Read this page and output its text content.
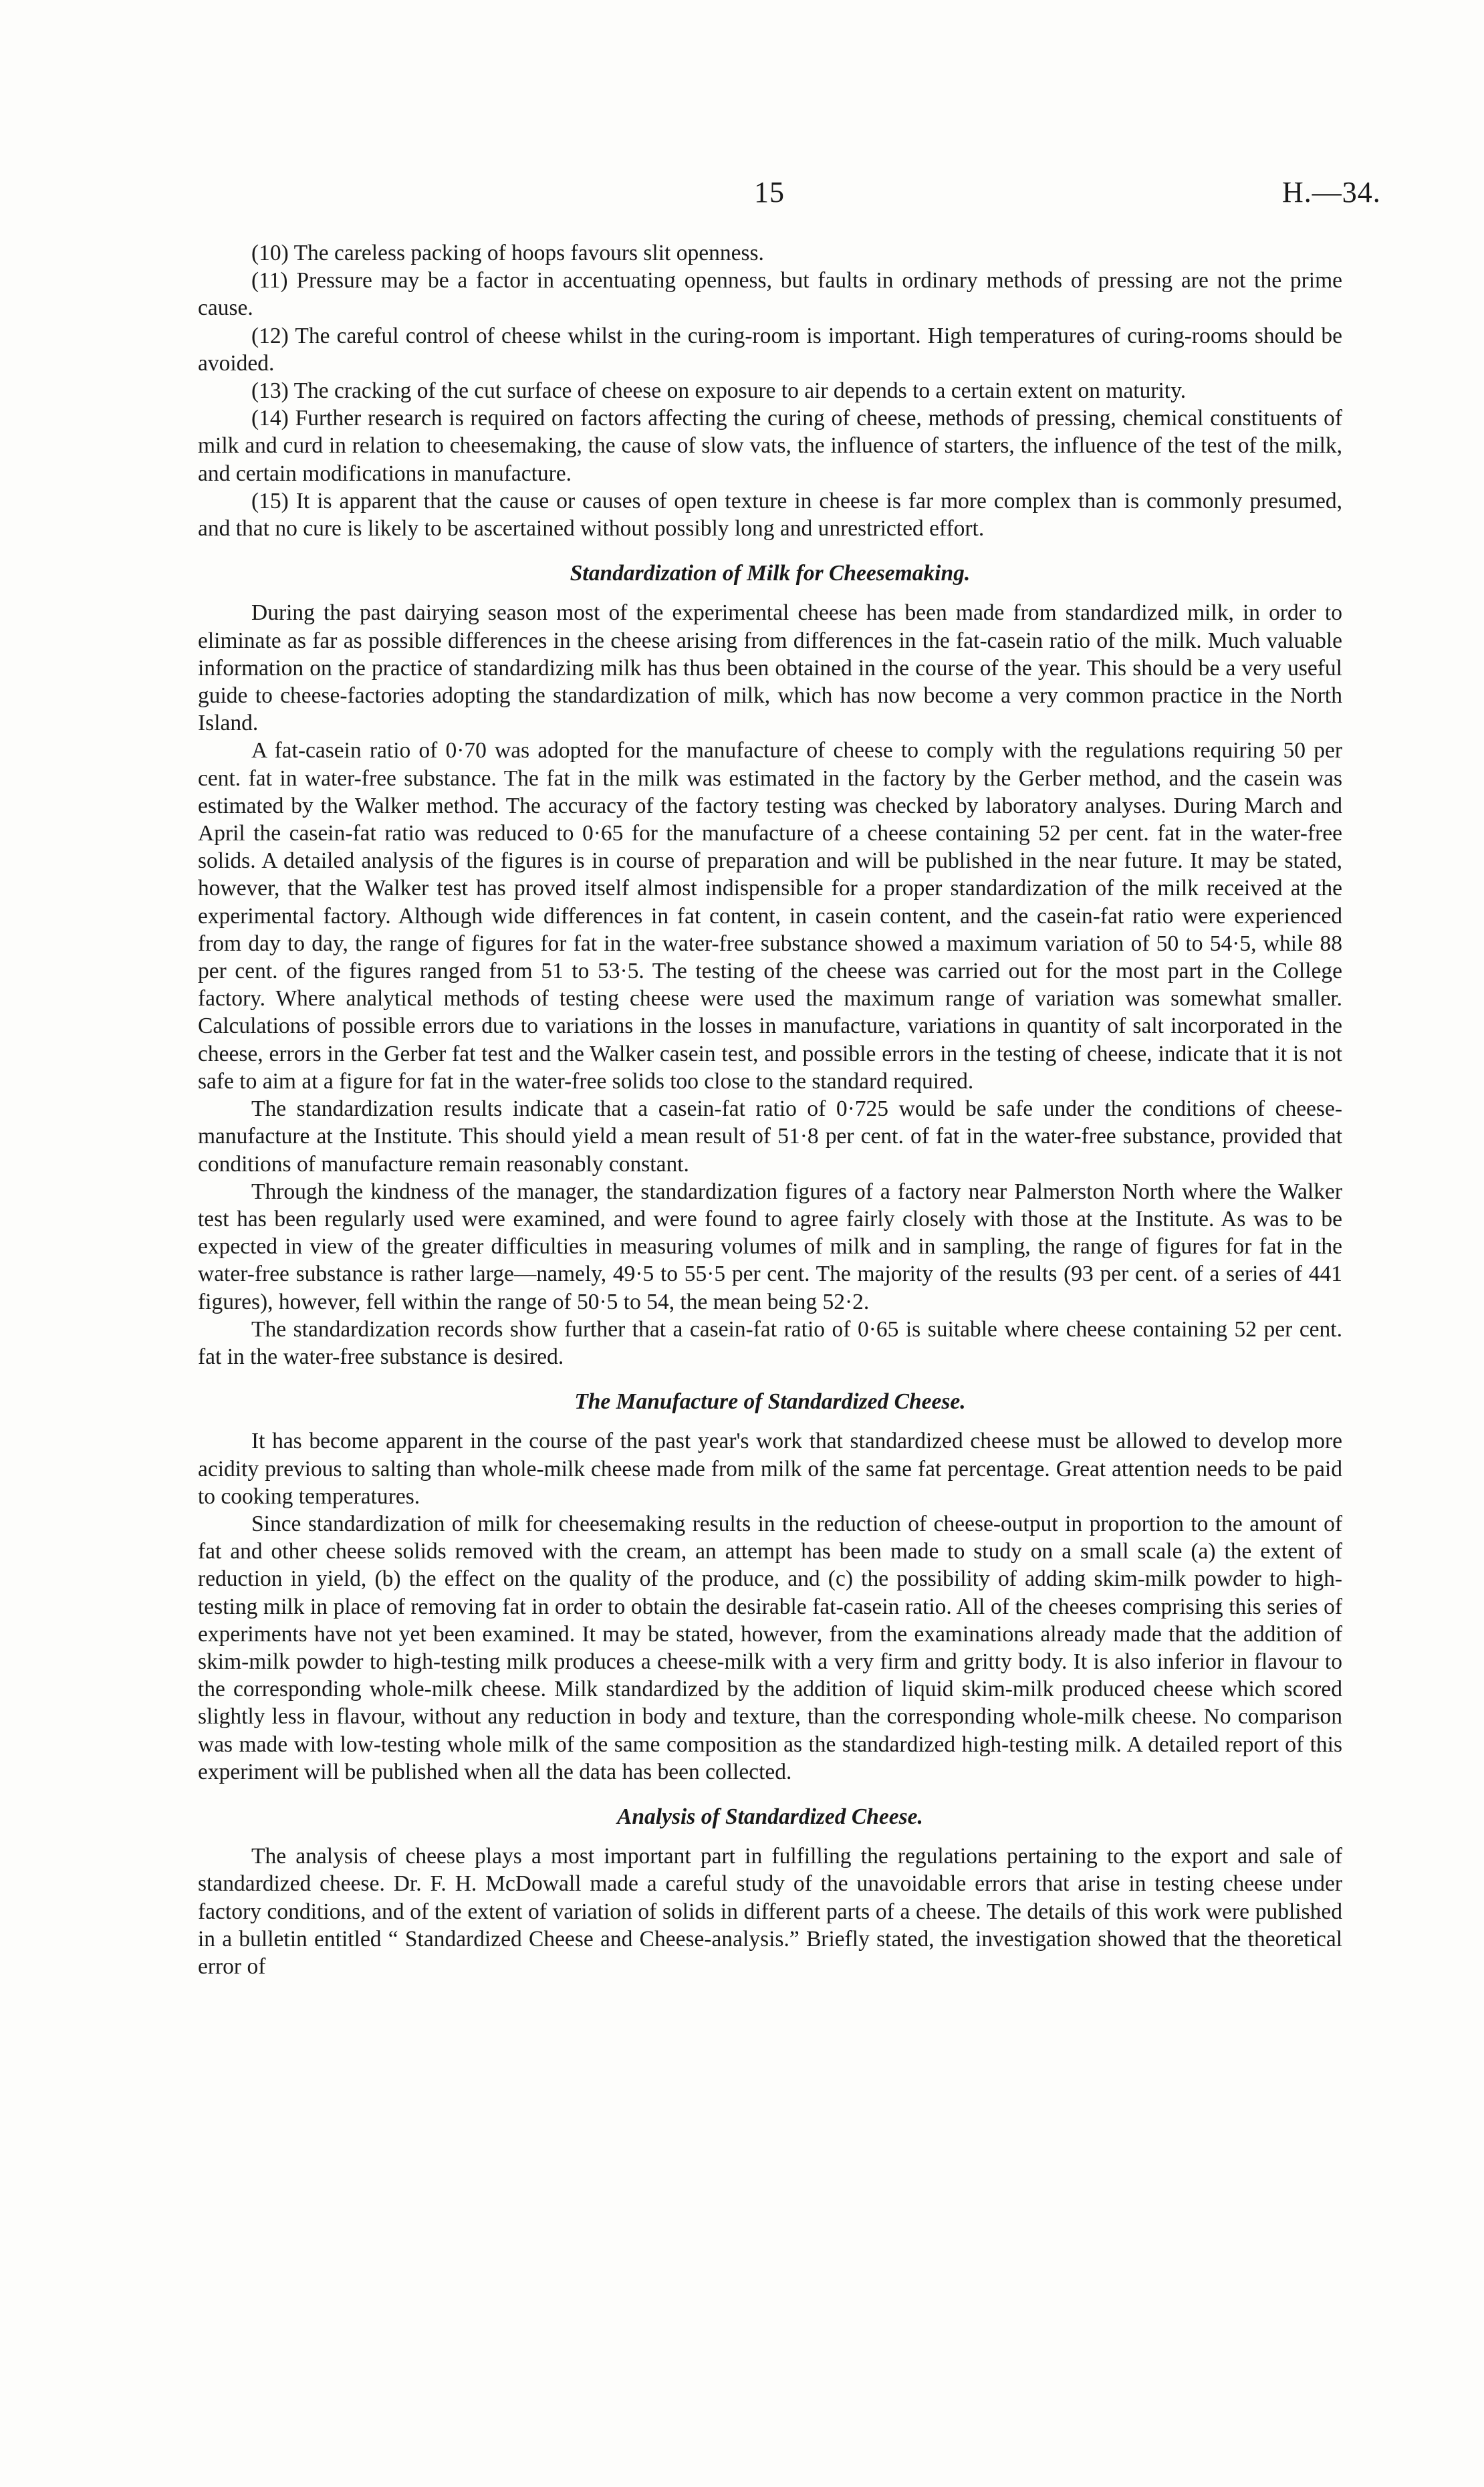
15	H.—34.

(10) The careless packing of hoops favours slit openness.

(11) Pressure may be a factor in accentuating openness, but faults in ordinary methods of pressing are not the prime cause.

(12) The careful control of cheese whilst in the curing-room is important. High temperatures of curing-rooms should be avoided.

(13) The cracking of the cut surface of cheese on exposure to air depends to a certain extent on maturity.

(14) Further research is required on factors affecting the curing of cheese, methods of pressing, chemical constituents of milk and curd in relation to cheesemaking, the cause of slow vats, the influence of starters, the influence of the test of the milk, and certain modifications in manufacture.

(15) It is apparent that the cause or causes of open texture in cheese is far more complex than is commonly presumed, and that no cure is likely to be ascertained without possibly long and unrestricted effort.

Standardization of Milk for Cheesemaking.

During the past dairying season most of the experimental cheese has been made from standardized milk, in order to eliminate as far as possible differences in the cheese arising from differences in the fat-casein ratio of the milk. Much valuable information on the practice of standardizing milk has thus been obtained in the course of the year. This should be a very useful guide to cheese-factories adopting the standardization of milk, which has now become a very common practice in the North Island.

A fat-casein ratio of 0·70 was adopted for the manufacture of cheese to comply with the regulations requiring 50 per cent. fat in water-free substance. The fat in the milk was estimated in the factory by the Gerber method, and the casein was estimated by the Walker method. The accuracy of the factory testing was checked by laboratory analyses. During March and April the casein-fat ratio was reduced to 0·65 for the manufacture of a cheese containing 52 per cent. fat in the water-free solids. A detailed analysis of the figures is in course of preparation and will be published in the near future. It may be stated, however, that the Walker test has proved itself almost indispensible for a proper standardization of the milk received at the experimental factory. Although wide differences in fat content, in casein content, and the casein-fat ratio were experienced from day to day, the range of figures for fat in the water-free substance showed a maximum variation of 50 to 54·5, while 88 per cent. of the figures ranged from 51 to 53·5. The testing of the cheese was carried out for the most part in the College factory. Where analytical methods of testing cheese were used the maximum range of variation was somewhat smaller. Calculations of possible errors due to variations in the losses in manufacture, variations in quantity of salt incorporated in the cheese, errors in the Gerber fat test and the Walker casein test, and possible errors in the testing of cheese, indicate that it is not safe to aim at a figure for fat in the water-free solids too close to the standard required.

The standardization results indicate that a casein-fat ratio of 0·725 would be safe under the conditions of cheese-manufacture at the Institute. This should yield a mean result of 51·8 per cent. of fat in the water-free substance, provided that conditions of manufacture remain reasonably constant.

Through the kindness of the manager, the standardization figures of a factory near Palmerston North where the Walker test has been regularly used were examined, and were found to agree fairly closely with those at the Institute. As was to be expected in view of the greater difficulties in measuring volumes of milk and in sampling, the range of figures for fat in the water-free substance is rather large—namely, 49·5 to 55·5 per cent. The majority of the results (93 per cent. of a series of 441 figures), however, fell within the range of 50·5 to 54, the mean being 52·2.

The standardization records show further that a casein-fat ratio of 0·65 is suitable where cheese containing 52 per cent. fat in the water-free substance is desired.

The Manufacture of Standardized Cheese.

It has become apparent in the course of the past year's work that standardized cheese must be allowed to develop more acidity previous to salting than whole-milk cheese made from milk of the same fat percentage. Great attention needs to be paid to cooking temperatures.

Since standardization of milk for cheesemaking results in the reduction of cheese-output in proportion to the amount of fat and other cheese solids removed with the cream, an attempt has been made to study on a small scale (a) the extent of reduction in yield, (b) the effect on the quality of the produce, and (c) the possibility of adding skim-milk powder to high-testing milk in place of removing fat in order to obtain the desirable fat-casein ratio. All of the cheeses comprising this series of experiments have not yet been examined. It may be stated, however, from the examinations already made that the addition of skim-milk powder to high-testing milk produces a cheese-milk with a very firm and gritty body. It is also inferior in flavour to the corresponding whole-milk cheese. Milk standardized by the addition of liquid skim-milk produced cheese which scored slightly less in flavour, without any reduction in body and texture, than the corresponding whole-milk cheese. No comparison was made with low-testing whole milk of the same composition as the standardized high-testing milk. A detailed report of this experiment will be published when all the data has been collected.

Analysis of Standardized Cheese.

The analysis of cheese plays a most important part in fulfilling the regulations pertaining to the export and sale of standardized cheese. Dr. F. H. McDowall made a careful study of the unavoidable errors that arise in testing cheese under factory conditions, and of the extent of variation of solids in different parts of a cheese. The details of this work were published in a bulletin entitled “ Standardized Cheese and Cheese-analysis.” Briefly stated, the investigation showed that the theoretical error of
